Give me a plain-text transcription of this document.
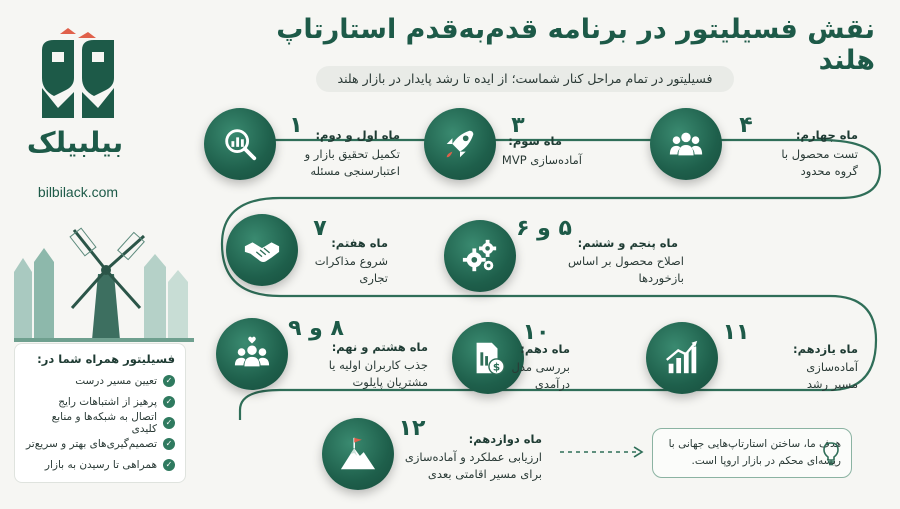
نقش فسیلیتور در برنامه قدم‌به‌قدم استارتاپ هلند
فسیلیتور در تمام مراحل کنار شماست؛ از ایده تا رشد پایدار در بازار هلند
بیلبیلک
bilbilack.com
۱	ماه اول و دوم:
تکمیل تحقیق بازار و اعتبارسنجی مسئله
۳
ماه سوم:
آماده‌سازی MVP
۴	ماه چهارم:
تست محصول با گروه محدود
۵ و ۶
ماه پنجم و ششم:
اصلاح محصول بر اساس بازخوردها
۷
ماه هفتم:
شروع مذاکرات تجاری
۸ و ۹
ماه هشتم و نهم:
جذب کاربران اولیه یا مشتریان پایلوت
$
۱۰
ماه دهم:
بررسی مدل درآمدی
۱۱
ماه یازدهم:
آماده‌سازی مسیر رشد
۱۲	ماه دوازدهم:
ارزیابی عملکرد و آماده‌سازی برای مسیر اقامتی بعدی
فسیلیتور همراه شما در:
✓
تعیین مسیر درست
✓
پرهیز از اشتباهات رایج
✓
اتصال به شبکه‌ها و منابع کلیدی
✓
تصمیم‌گیری‌های بهتر و سریع‌تر
✓
همراهی تا رسیدن به بازار
هدف ما، ساختن استارتاپ‌هایی جهانی با ریشه‌ای محکم در بازار اروپا است.
